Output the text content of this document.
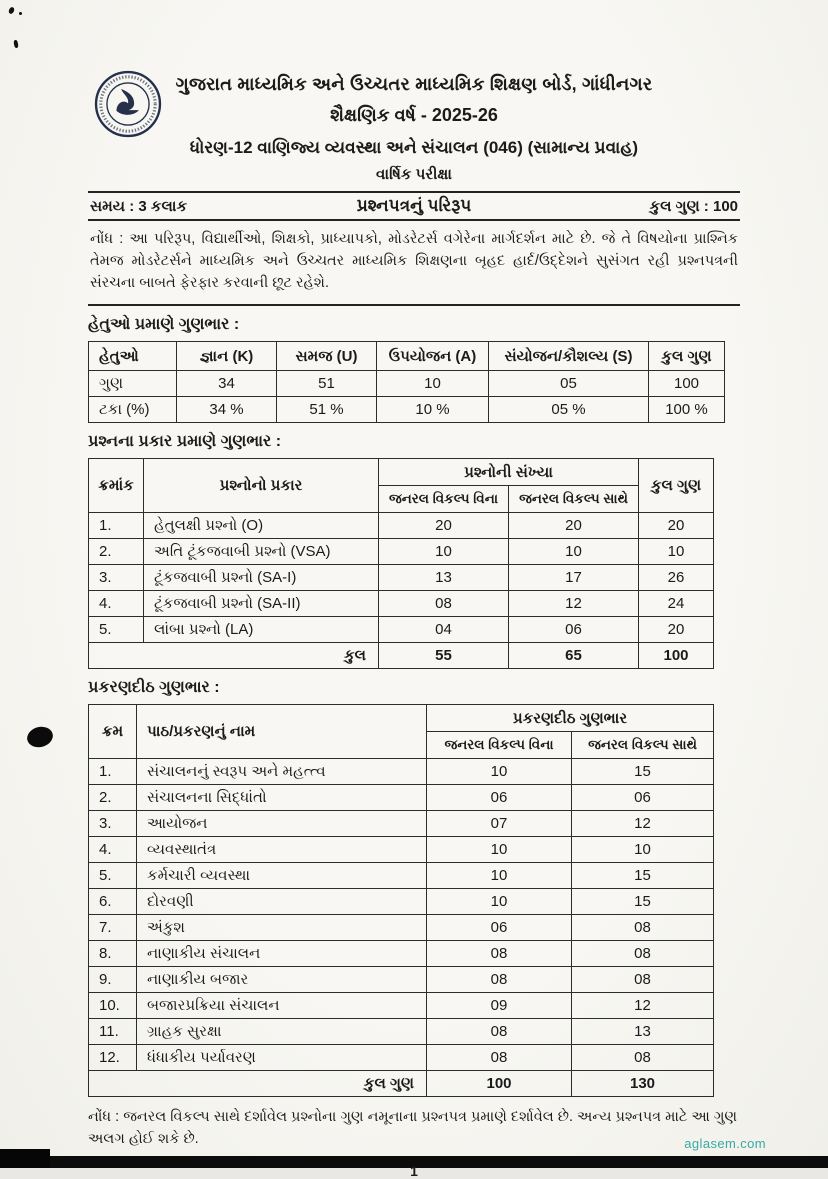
ગુજરાત માધ્યમિક અને ઉચ્ચતર માધ્યમિક શિક્ષણ બોર્ડ, ગાંધીનગર
શૈક્ષણિક વર્ષ - 2025-26
ધોરણ-12 વાણિજ્ય વ્યવસ્થા અને સંચાલન (046) (સામાન્ય પ્રવાહ)
વાર્ષિક પરીક્ષા
સમય : 3 કલાક	પ્રશ્નપત્રનું પરિરૂપ	કુલ ગુણ : 100

નોંધ : આ પરિરૂપ, વિદ્યાર્થીઓ, શિક્ષકો, પ્રાધ્યાપકો, મોડરેટર્સ વગેરેના માર્ગદર્શન માટે છે. જે તે વિષયોના પ્રાશ્નિક તેમજ મોડરેટર્સને માધ્યમિક અને ઉચ્ચતર માધ્યમિક શિક્ષણના બૃહદ હાર્દ/ઉદ્દેશને સુસંગત રહી પ્રશ્નપત્રની સંરચના બાબતે ફેરફાર કરવાની છૂટ રહેશે.

હેતુઓ પ્રમાણે ગુણભાર :
હેતુઓ	જ્ઞાન (K)	સમજ (U)	ઉપયોજન (A)	સંયોજન/કૌશલ્ય (S)	કુલ ગુણ
ગુણ	34	51	10	05	100
ટકા (%)	34 %	51 %	10 %	05 %	100 %
પ્રશ્નના પ્રકાર પ્રમાણે ગુણભાર :
ક્રમાંક	પ્રશ્નોનો પ્રકાર	પ્રશ્નોની સંખ્યા		કુલ ગુણ
		જનરલ વિકલ્પ વિના	જનરલ વિકલ્પ સાથે	
1.	હેતુલક્ષી પ્રશ્નો (O)	20	20	20
2.	અતિ ટૂંકજવાબી પ્રશ્નો (VSA)	10	10	10
3.	ટૂંકજવાબી પ્રશ્નો (SA-I)	13	17	26
4.	ટૂંકજવાબી પ્રશ્નો (SA-II)	08	12	24
5.	લાંબા પ્રશ્નો (LA)	04	06	20
કુલ		55	65	100
પ્રકરણદીઠ ગુણભાર :
ક્રમ	પાઠ/પ્રકરણનું નામ	પ્રકરણદીઠ ગુણભાર	
		જનરલ વિકલ્પ વિના	જનરલ વિકલ્પ સાથે
1.	સંચાલનનું સ્વરૂપ અને મહત્ત્વ	10	15
2.	સંચાલનના સિદ્ધાંતો	06	06
3.	આયોજન	07	12
4.	વ્યવસ્થાતંત્ર	10	10
5.	કર્મચારી વ્યવસ્થા	10	15
6.	દોરવણી	10	15
7.	અંકુશ	06	08
8.	નાણાકીય સંચાલન	08	08
9.	નાણાકીય બજાર	08	08
10.	બજારપ્રક્રિયા સંચાલન	09	12
11.	ગ્રાહક સુરક્ષા	08	13
12.	ધંધાકીય પર્યાવરણ	08	08
કુલ ગુણ		100	130

નોંધ : જનરલ વિકલ્પ સાથે દર્શાવેલ પ્રશ્નોના ગુણ નમૂનાના પ્રશ્નપત્ર પ્રમાણે દર્શાવેલ છે. અન્ય પ્રશ્નપત્ર માટે આ ગુણ અલગ હોઈ શકે છે.

1
aglasem.com
